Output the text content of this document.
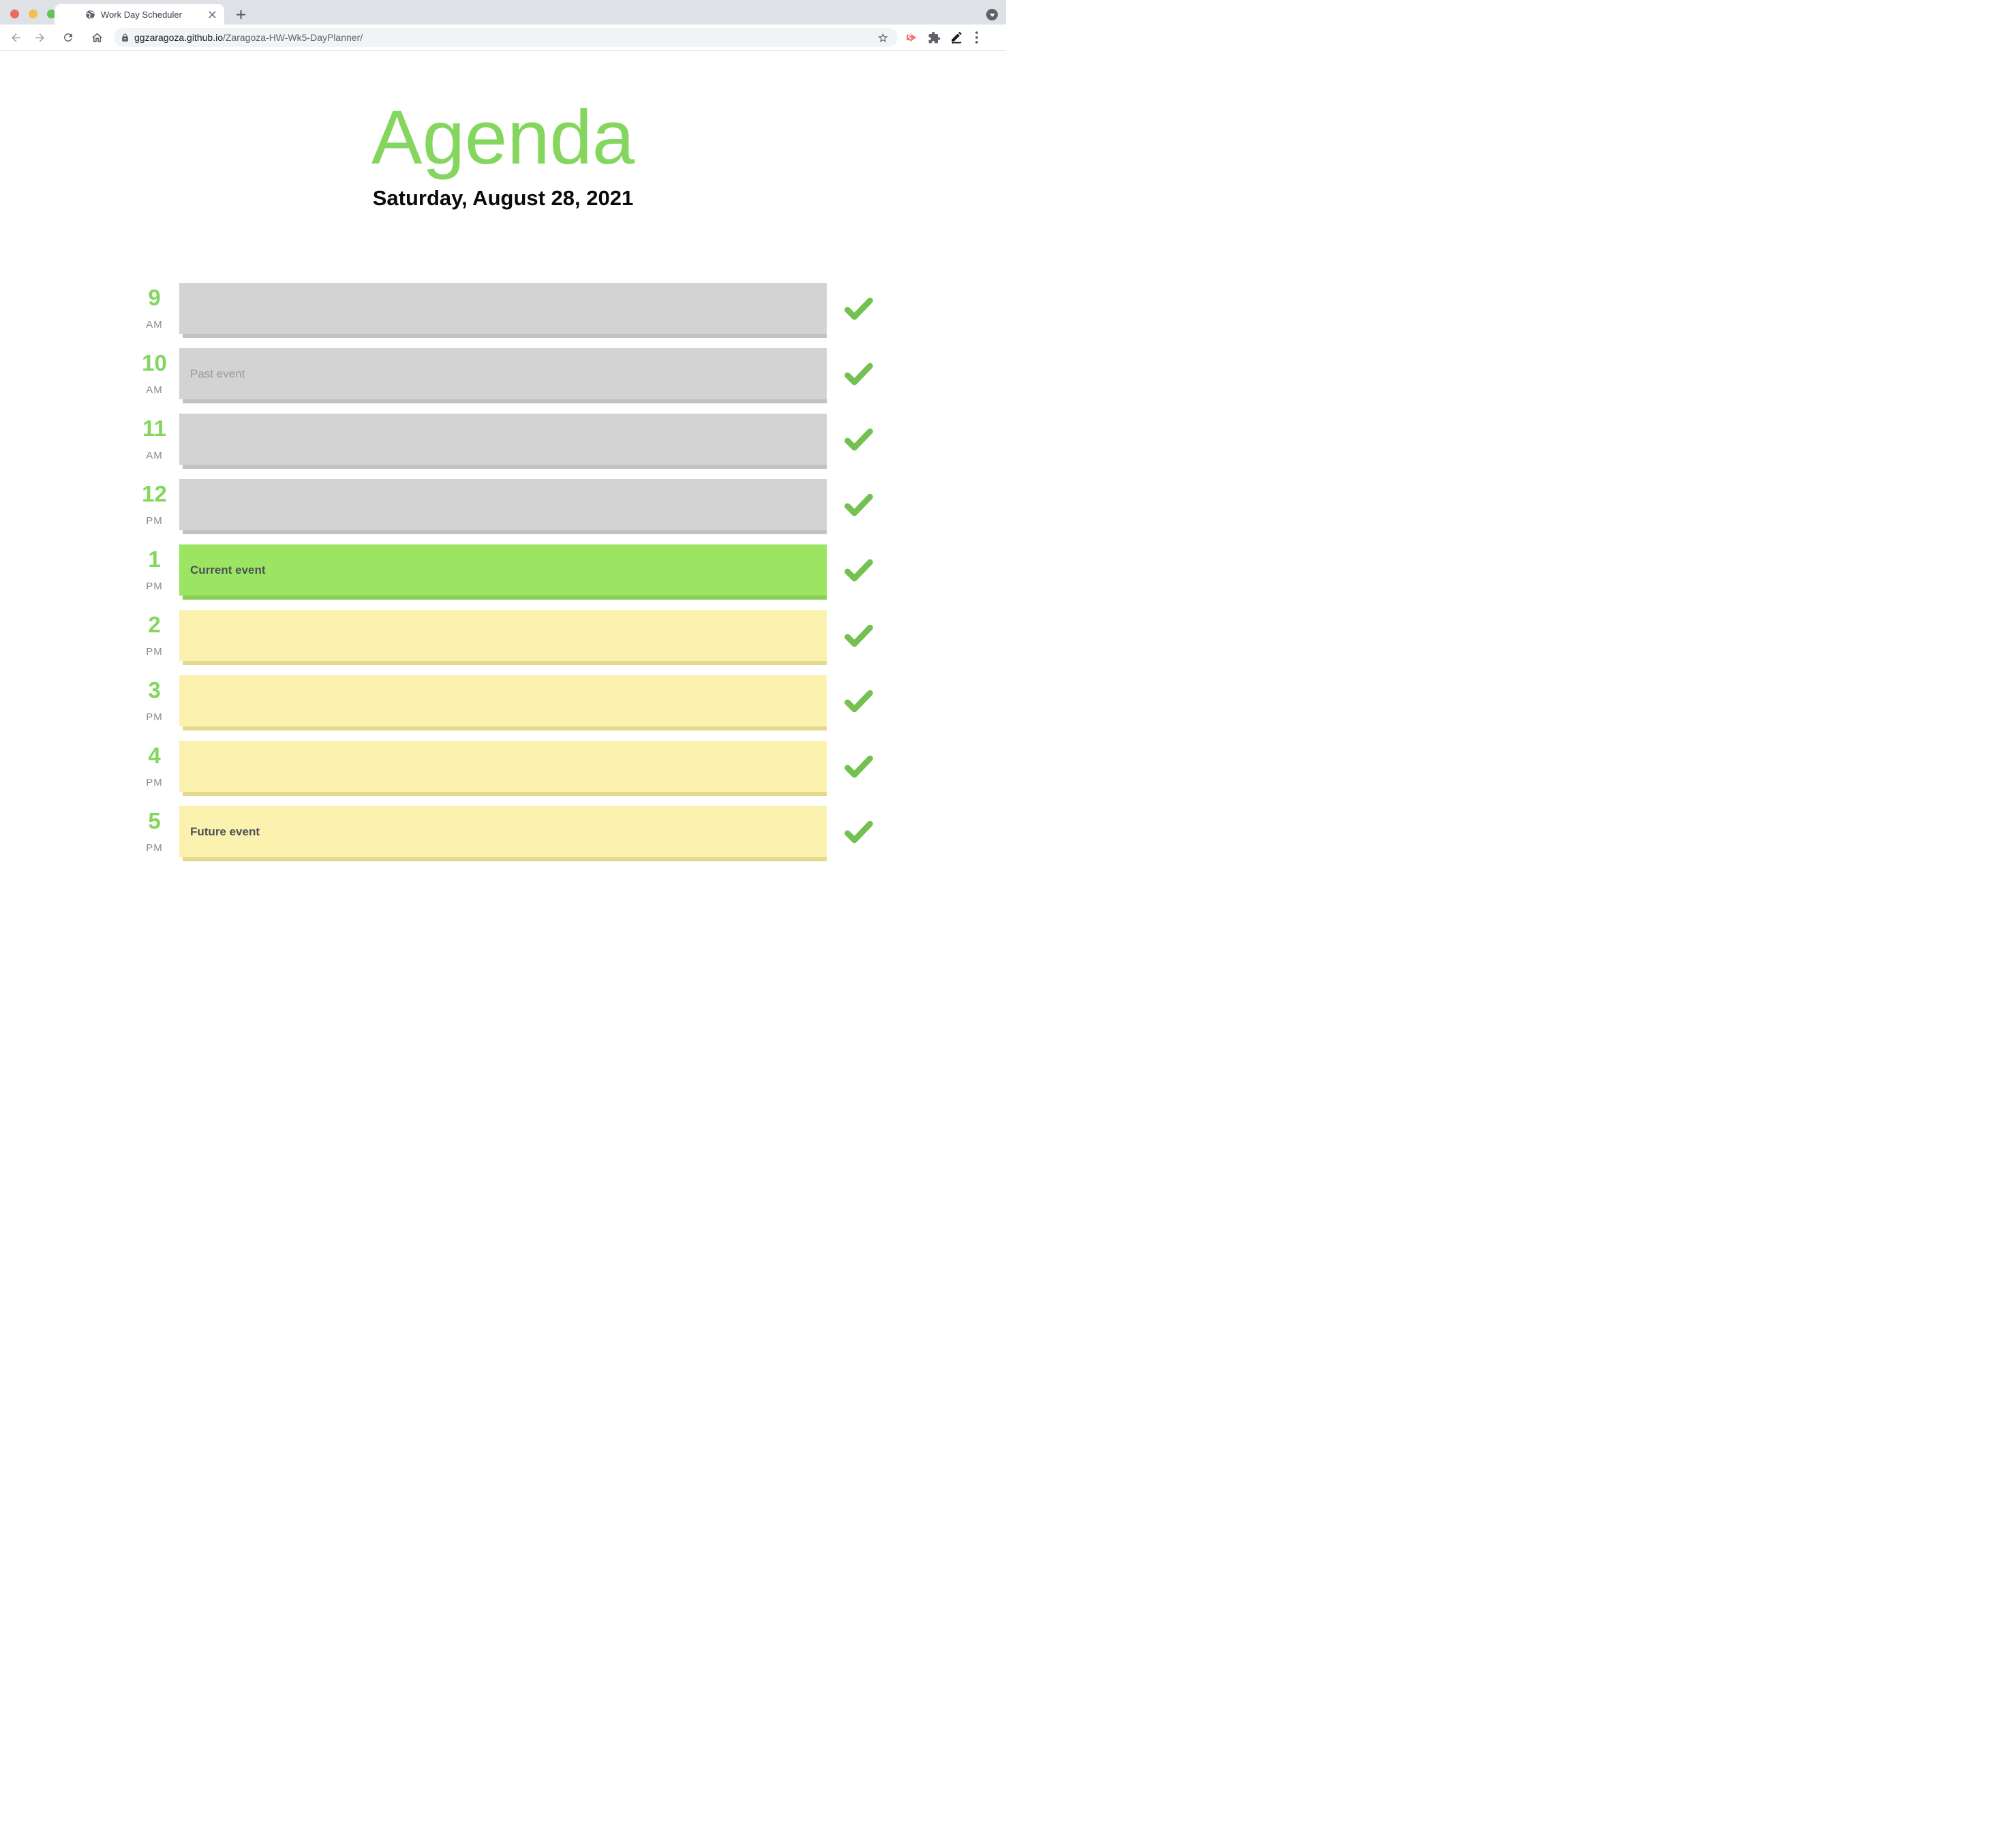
Work Day Scheduler
ggzaragoza.github.io/Zaragoza-HW-Wk5-DayPlanner/
Agenda

Saturday, August 28, 2021

9
AM
10
AM
Past event
11
AM
12
PM
1
PM
Current event
2
PM
3
PM
4
PM
5
PM
Future event
